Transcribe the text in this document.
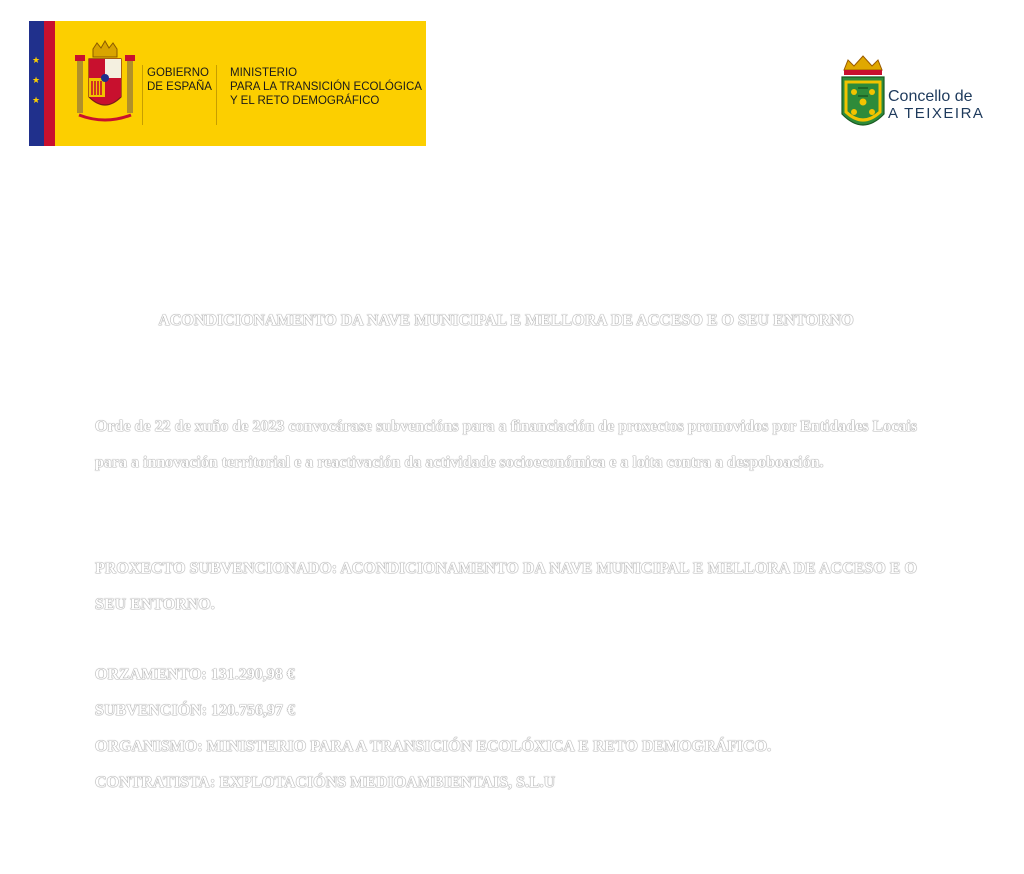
★
★
★
GOBIERNO
DE ESPAÑA
MINISTERIO
PARA LA TRANSICIÓN ECOLÓGICA
Y EL RETO DEMOGRÁFICO	Concello de
A TEIXEIRA
ACONDICIONAMENTO DA NAVE MUNICIPAL E MELLORA DE ACCESO E O SEU ENTORNO
Orde de 22 de xuño de 2023 convocárase subvencións para a financiación de proxectos promovidos por Entidades Locais para a innovación territorial e a reactivación da actividade socioeconómica e a loita contra a despoboación.
PROXECTO SUBVENCIONADO: ACONDICIONAMENTO DA NAVE MUNICIPAL E MELLORA DE ACCESO E O SEU ENTORNO.
ORZAMENTO: 131.290,98 €
SUBVENCIÓN: 120.756,97 €
ORGANISMO: MINISTERIO PARA A TRANSICIÓN ECOLÓXICA E RETO DEMOGRÁFICO.
CONTRATISTA: EXPLOTACIÓNS MEDIOAMBIENTAIS, S.L.U
